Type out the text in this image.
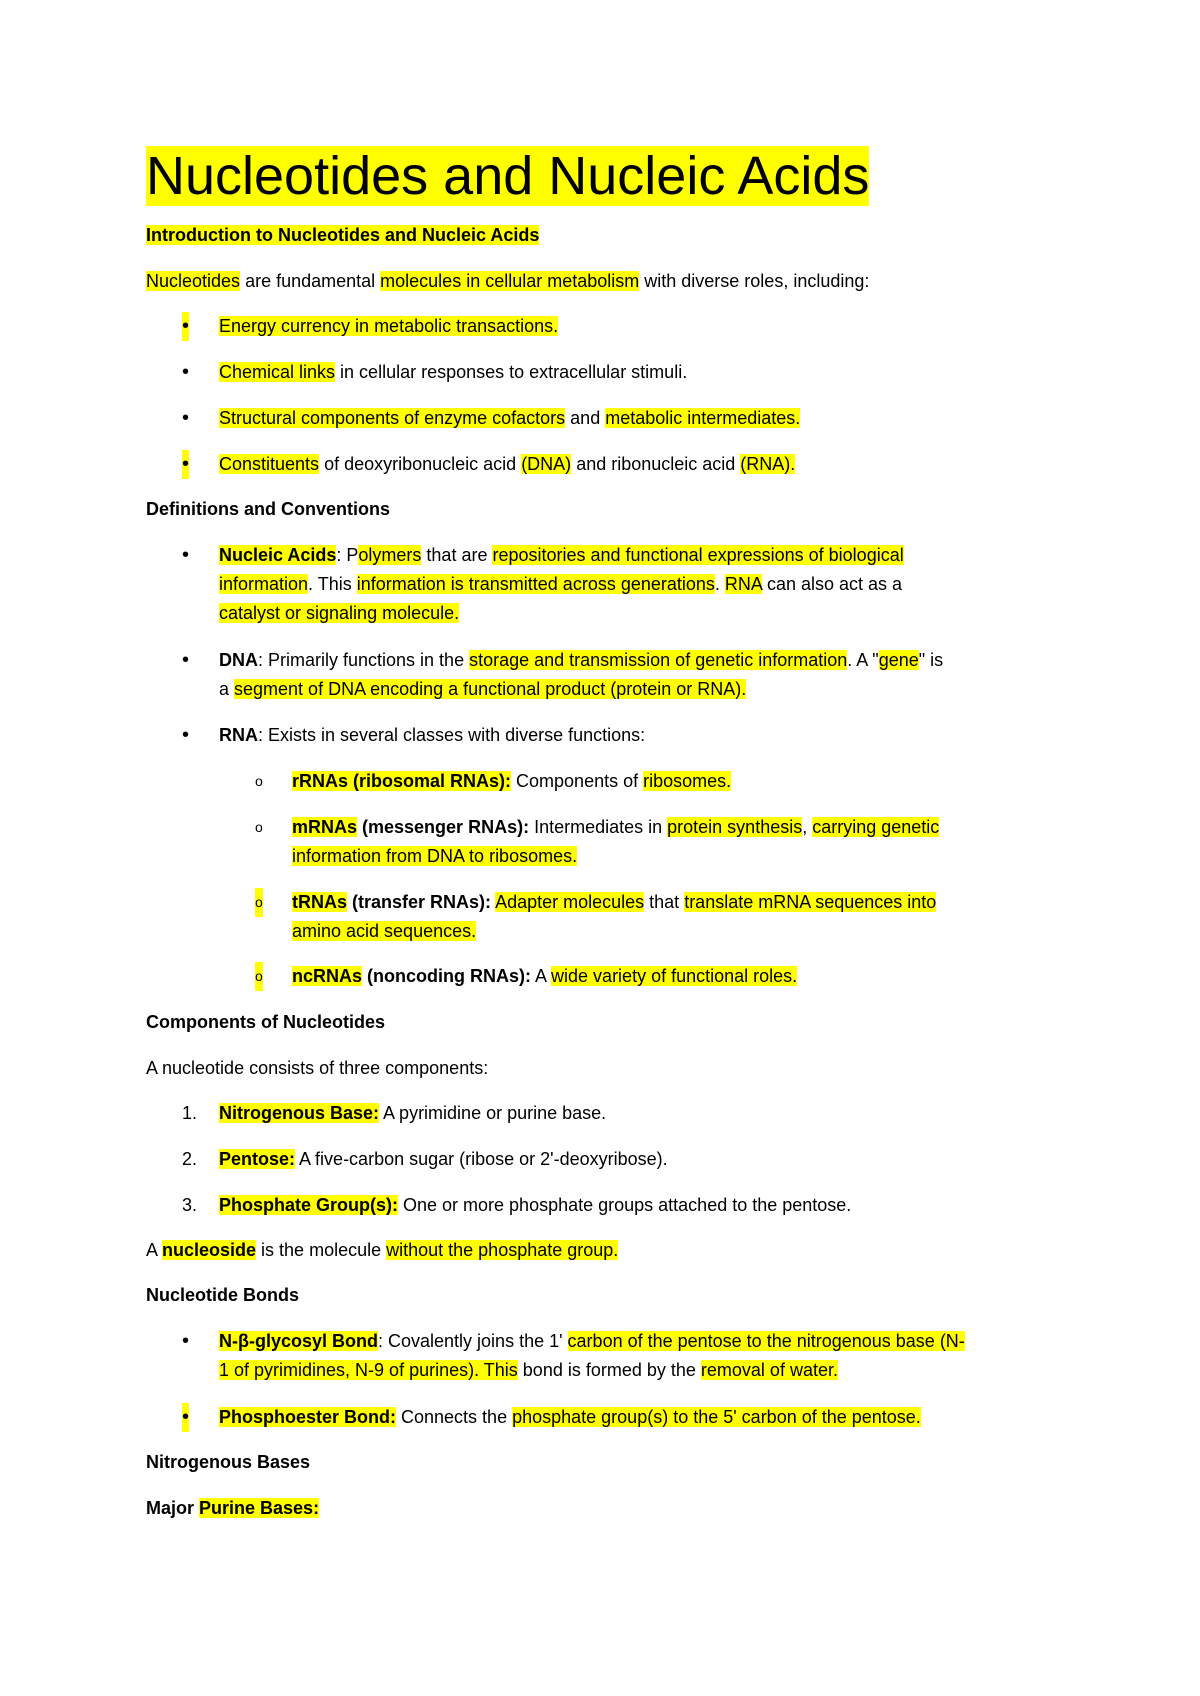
Nucleotides and Nucleic Acids
Introduction to Nucleotides and Nucleic Acids
Nucleotides are fundamental molecules in cellular metabolism with diverse roles, including:
• Energy currency in metabolic transactions.
• Chemical links in cellular responses to extracellular stimuli.
• Structural components of enzyme cofactors and metabolic intermediates.
• Constituents of deoxyribonucleic acid (DNA) and ribonucleic acid (RNA).
Definitions and Conventions
• Nucleic Acids: Polymers that are repositories and functional expressions of biological
information. This information is transmitted across generations. RNA can also act as a
catalyst or signaling molecule.
• DNA: Primarily functions in the storage and transmission of genetic information. A "gene" is
a segment of DNA encoding a functional product (protein or RNA).
• RNA: Exists in several classes with diverse functions:
o rRNAs (ribosomal RNAs): Components of ribosomes.
o mRNAs (messenger RNAs): Intermediates in protein synthesis, carrying genetic
information from DNA to ribosomes.
o tRNAs (transfer RNAs): Adapter molecules that translate mRNA sequences into
amino acid sequences.
o ncRNAs (noncoding RNAs): A wide variety of functional roles.
Components of Nucleotides
A nucleotide consists of three components:
1. Nitrogenous Base: A pyrimidine or purine base.
2. Pentose: A five-carbon sugar (ribose or 2'-deoxyribose).
3. Phosphate Group(s): One or more phosphate groups attached to the pentose.
A nucleoside is the molecule without the phosphate group.
Nucleotide Bonds
• N-β-glycosyl Bond: Covalently joins the 1' carbon of the pentose to the nitrogenous base (N-
1 of pyrimidines, N-9 of purines). This bond is formed by the removal of water.
• Phosphoester Bond: Connects the phosphate group(s) to the 5' carbon of the pentose.
Nitrogenous Bases
Major Purine Bases:
